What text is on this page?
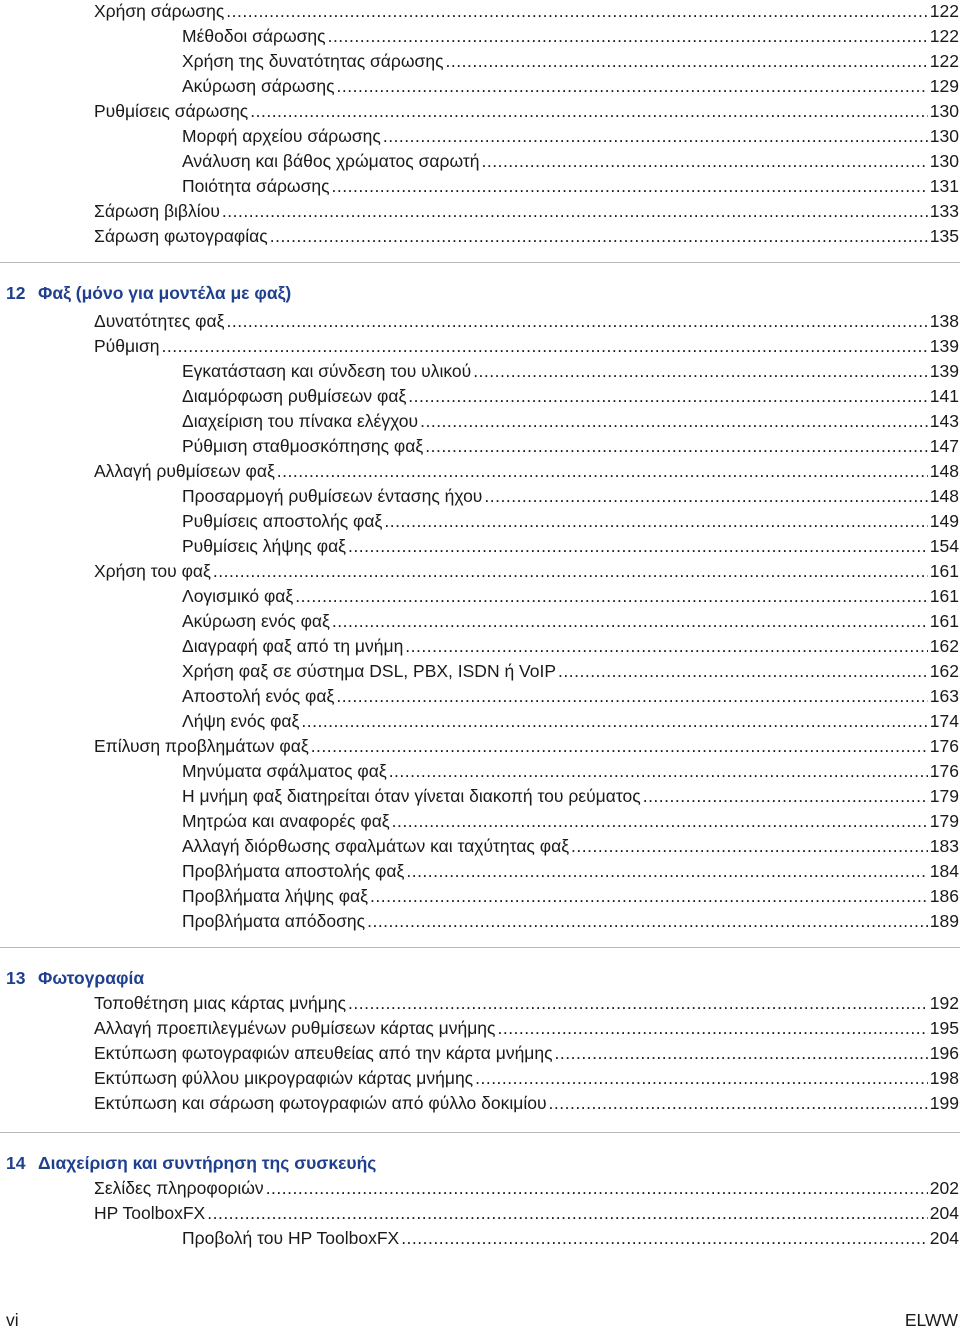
Χρήση σάρωσης .....	122
Μέθοδοι σάρωσης .....	122
Χρήση της δυνατότητας σάρωσης .....	122
Ακύρωση σάρωσης .....	129
Ρυθμίσεις σάρωσης .....	130
Μορφή αρχείου σάρωσης .....	130
Ανάλυση και βάθος χρώματος σαρωτή .....	130
Ποιότητα σάρωσης .....	131
Σάρωση βιβλίου .....	133
Σάρωση φωτογραφίας .....	135
12 Φαξ (μόνο για μοντέλα με φαξ)
Δυνατότητες φαξ .....	138
Ρύθμιση .....	139
Εγκατάσταση και σύνδεση του υλικού .....	139
Διαμόρφωση ρυθμίσεων φαξ .....	141
Διαχείριση του πίνακα ελέγχου .....	143
Ρύθμιση σταθμοσκόπησης φαξ .....	147
Αλλαγή ρυθμίσεων φαξ .....	148
Προσαρμογή ρυθμίσεων έντασης ήχου .....	148
Ρυθμίσεις αποστολής φαξ .....	149
Ρυθμίσεις λήψης φαξ .....	154
Χρήση του φαξ .....	161
Λογισμικό φαξ .....	161
Ακύρωση ενός φαξ .....	161
Διαγραφή φαξ από τη μνήμη .....	162
Χρήση φαξ σε σύστημα DSL, PBX, ISDN ή VoIP .....	162
Αποστολή ενός φαξ .....	163
Λήψη ενός φαξ .....	174
Επίλυση προβλημάτων φαξ .....	176
Μηνύματα σφάλματος φαξ .....	176
Η μνήμη φαξ διατηρείται όταν γίνεται διακοπή του ρεύματος .....	179
Μητρώα και αναφορές φαξ .....	179
Αλλαγή διόρθωσης σφαλμάτων και ταχύτητας φαξ .....	183
Προβλήματα αποστολής φαξ .....	184
Προβλήματα λήψης φαξ .....	186
Προβλήματα απόδοσης .....	189
13 Φωτογραφία
Τοποθέτηση μιας κάρτας μνήμης .....	192
Αλλαγή προεπιλεγμένων ρυθμίσεων κάρτας μνήμης .....	195
Εκτύπωση φωτογραφιών απευθείας από την κάρτα μνήμης .....	196
Εκτύπωση φύλλου μικρογραφιών κάρτας μνήμης .....	198
Εκτύπωση και σάρωση φωτογραφιών από φύλλο δοκιμίου .....	199
14 Διαχείριση και συντήρηση της συσκευής
Σελίδες πληροφοριών .....	202
HP ToolboxFX .....	204
Προβολή του HP ToolboxFX .....	204
vi	ELWW
